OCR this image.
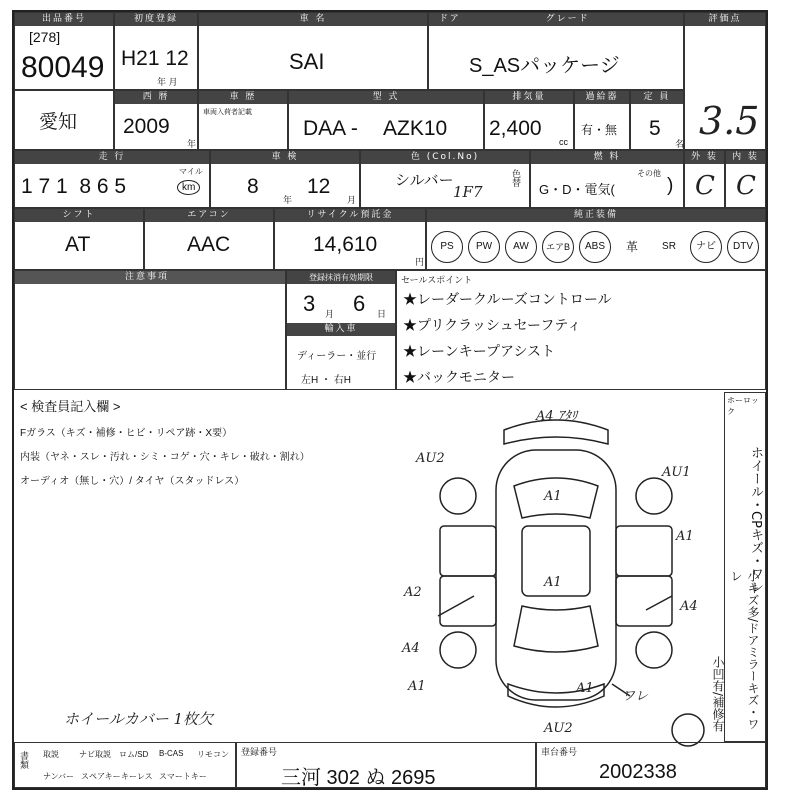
出品番号
[278]
80049
初度登録
H21 12
年 月
車 名
SAI
ドア	グレード
S_ASパッケージ
評価点
3.5
愛知
西 暦
2009
年
車 歴
車両入荷者記載
型 式
DAA - AZK10
排気量
2,400
cc
過給器
有・無
定 員
5
名
走 行
1 7 1  8 6 5
マイル
km
車 検
8
年
12
月
色 (Col.No)
シルバー
1F7
色替
燃 料
G・D・電気(
その他
)
外 装
C
内 装
C
シフト
AT
エアコン
AAC
リサイクル預託金
14,610
円
純正装備
PS	PW	AW	エアB	ABS	革	SR	ナビ	DTV
注意事項	登録抹消有効期限
3 月 6 日
輸入車
ディーラー・並行
左H ・ 右H
セールスポイント
★レーダークルーズコントロール
★プリクラッシュセーフティ
★レーンキープアシスト
★バックモニター
< 検査員記入欄 >
Fガラス（キズ・補修・ヒビ・リペア跡・X要）
内装（ヤネ・スレ・汚れ・シミ・コゲ・穴・キレ・破れ・割れ）
オーディオ（無し・穴）/ タイヤ（スタッドレス）
ホイールカバー 1枚欠
ホーロック
ホイール・CPキズ・ワレ
小キズ多/ドアミラーキズ・ワレ
小凹有/補修有
A4 ｱﾀﾘ
AU2
A1
AU1
A1
A1
A2
A1
A4
A4
A1
ワレ
AU2
書類 取説	ナビ取説 ロム/SD B-CAS リモコン
ナンバー スペアキー キーレス スマートキー
登録番号
三河 302 ぬ 2695
車台番号
2002338
